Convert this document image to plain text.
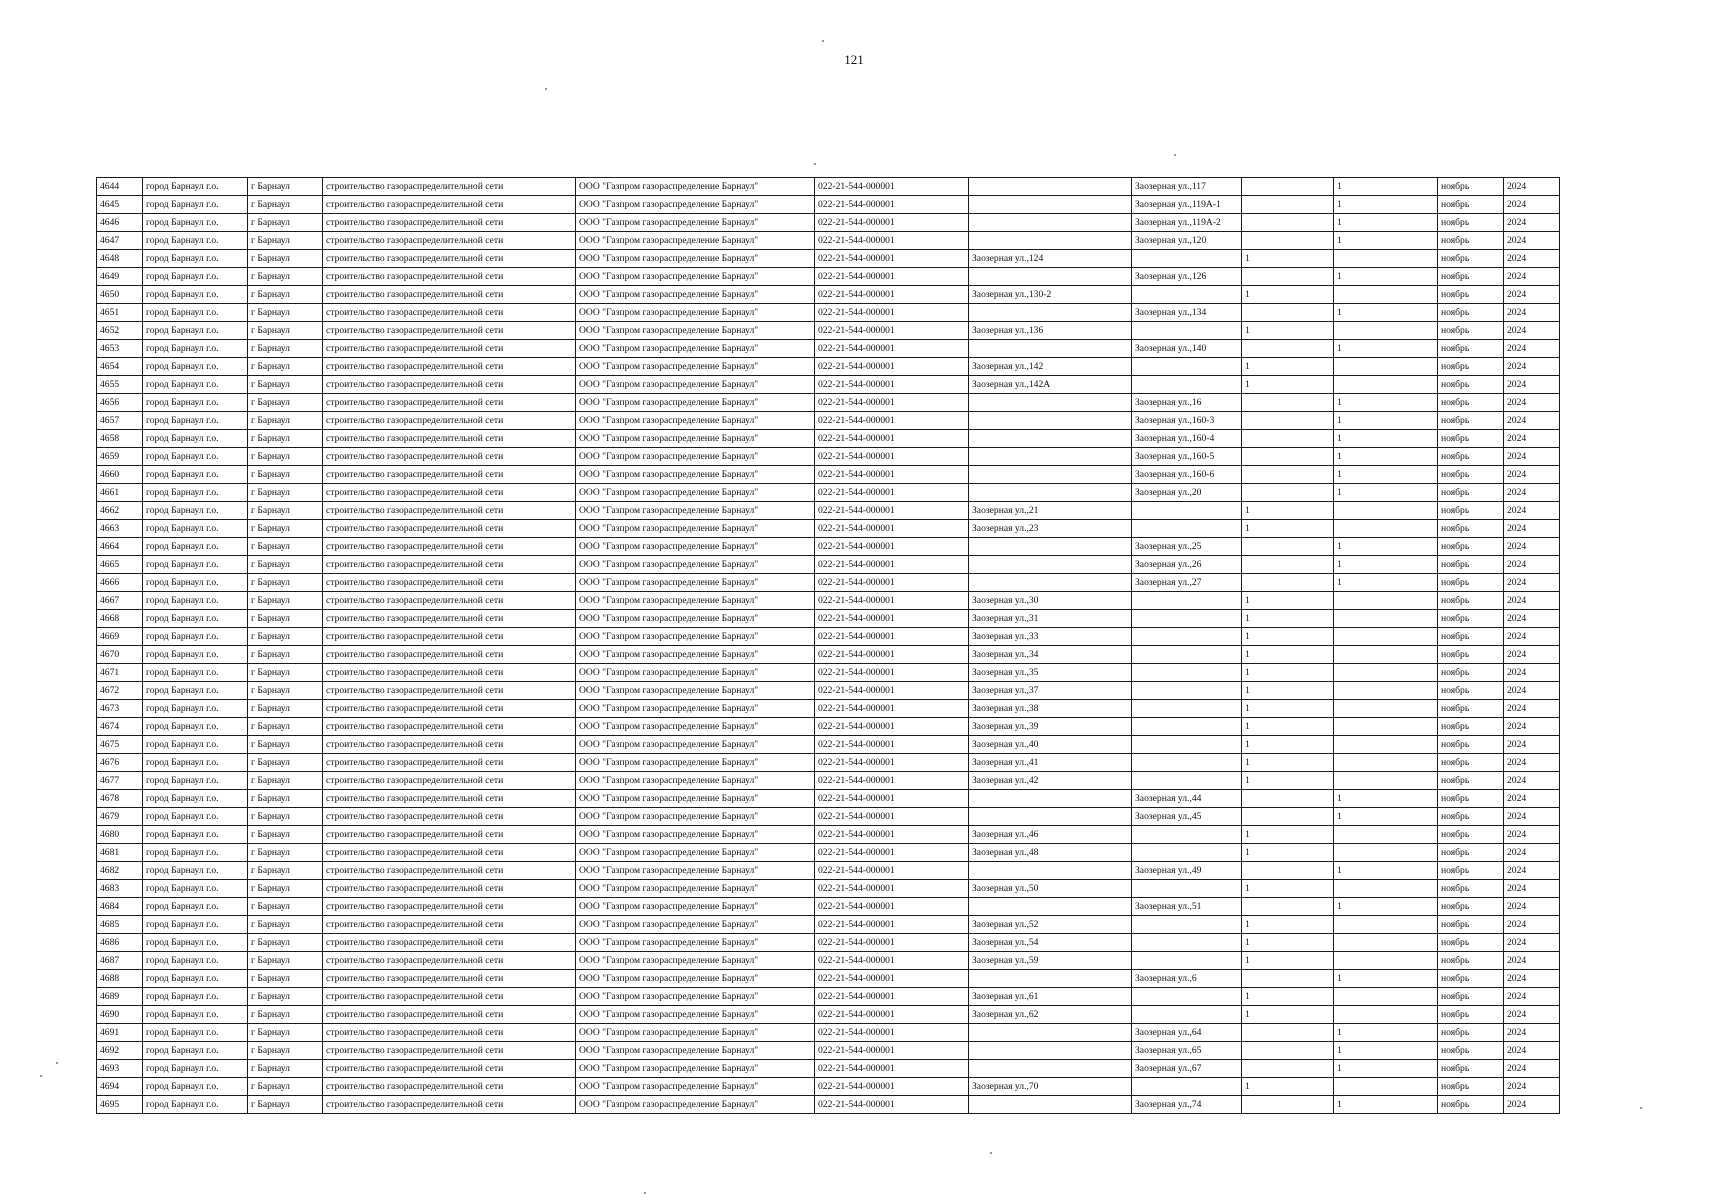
121
4644	город Барнаул г.о.	г Барнаул	строительство газораспределительной сети	ООО "Газпром газораспределение Барнаул"	022-21-544-000001		Заозерная ул.,117		1	ноябрь	2024
4645	город Барнаул г.о.	г Барнаул	строительство газораспределительной сети	ООО "Газпром газораспределение Барнаул"	022-21-544-000001		Заозерная ул.,119А-1		1	ноябрь	2024
4646	город Барнаул г.о.	г Барнаул	строительство газораспределительной сети	ООО "Газпром газораспределение Барнаул"	022-21-544-000001		Заозерная ул.,119А-2		1	ноябрь	2024
4647	город Барнаул г.о.	г Барнаул	строительство газораспределительной сети	ООО "Газпром газораспределение Барнаул"	022-21-544-000001		Заозерная ул.,120		1	ноябрь	2024
4648	город Барнаул г.о.	г Барнаул	строительство газораспределительной сети	ООО "Газпром газораспределение Барнаул"	022-21-544-000001	Заозерная ул.,124		1		ноябрь	2024
4649	город Барнаул г.о.	г Барнаул	строительство газораспределительной сети	ООО "Газпром газораспределение Барнаул"	022-21-544-000001		Заозерная ул.,126		1	ноябрь	2024
4650	город Барнаул г.о.	г Барнаул	строительство газораспределительной сети	ООО "Газпром газораспределение Барнаул"	022-21-544-000001	Заозерная ул.,130-2		1		ноябрь	2024
4651	город Барнаул г.о.	г Барнаул	строительство газораспределительной сети	ООО "Газпром газораспределение Барнаул"	022-21-544-000001		Заозерная ул.,134		1	ноябрь	2024
4652	город Барнаул г.о.	г Барнаул	строительство газораспределительной сети	ООО "Газпром газораспределение Барнаул"	022-21-544-000001	Заозерная ул.,136		1		ноябрь	2024
4653	город Барнаул г.о.	г Барнаул	строительство газораспределительной сети	ООО "Газпром газораспределение Барнаул"	022-21-544-000001		Заозерная ул.,140		1	ноябрь	2024
4654	город Барнаул г.о.	г Барнаул	строительство газораспределительной сети	ООО "Газпром газораспределение Барнаул"	022-21-544-000001	Заозерная ул.,142		1		ноябрь	2024
4655	город Барнаул г.о.	г Барнаул	строительство газораспределительной сети	ООО "Газпром газораспределение Барнаул"	022-21-544-000001	Заозерная ул.,142А		1		ноябрь	2024
4656	город Барнаул г.о.	г Барнаул	строительство газораспределительной сети	ООО "Газпром газораспределение Барнаул"	022-21-544-000001		Заозерная ул.,16		1	ноябрь	2024
4657	город Барнаул г.о.	г Барнаул	строительство газораспределительной сети	ООО "Газпром газораспределение Барнаул"	022-21-544-000001		Заозерная ул.,160-3		1	ноябрь	2024
4658	город Барнаул г.о.	г Барнаул	строительство газораспределительной сети	ООО "Газпром газораспределение Барнаул"	022-21-544-000001		Заозерная ул.,160-4		1	ноябрь	2024
4659	город Барнаул г.о.	г Барнаул	строительство газораспределительной сети	ООО "Газпром газораспределение Барнаул"	022-21-544-000001		Заозерная ул.,160-5		1	ноябрь	2024
4660	город Барнаул г.о.	г Барнаул	строительство газораспределительной сети	ООО "Газпром газораспределение Барнаул"	022-21-544-000001		Заозерная ул.,160-6		1	ноябрь	2024
4661	город Барнаул г.о.	г Барнаул	строительство газораспределительной сети	ООО "Газпром газораспределение Барнаул"	022-21-544-000001		Заозерная ул.,20		1	ноябрь	2024
4662	город Барнаул г.о.	г Барнаул	строительство газораспределительной сети	ООО "Газпром газораспределение Барнаул"	022-21-544-000001	Заозерная ул.,21		1		ноябрь	2024
4663	город Барнаул г.о.	г Барнаул	строительство газораспределительной сети	ООО "Газпром газораспределение Барнаул"	022-21-544-000001	Заозерная ул.,23		1		ноябрь	2024
4664	город Барнаул г.о.	г Барнаул	строительство газораспределительной сети	ООО "Газпром газораспределение Барнаул"	022-21-544-000001		Заозерная ул.,25		1	ноябрь	2024
4665	город Барнаул г.о.	г Барнаул	строительство газораспределительной сети	ООО "Газпром газораспределение Барнаул"	022-21-544-000001		Заозерная ул.,26		1	ноябрь	2024
4666	город Барнаул г.о.	г Барнаул	строительство газораспределительной сети	ООО "Газпром газораспределение Барнаул"	022-21-544-000001		Заозерная ул.,27		1	ноябрь	2024
4667	город Барнаул г.о.	г Барнаул	строительство газораспределительной сети	ООО "Газпром газораспределение Барнаул"	022-21-544-000001	Заозерная ул.,30		1		ноябрь	2024
4668	город Барнаул г.о.	г Барнаул	строительство газораспределительной сети	ООО "Газпром газораспределение Барнаул"	022-21-544-000001	Заозерная ул.,31		1		ноябрь	2024
4669	город Барнаул г.о.	г Барнаул	строительство газораспределительной сети	ООО "Газпром газораспределение Барнаул"	022-21-544-000001	Заозерная ул.,33		1		ноябрь	2024
4670	город Барнаул г.о.	г Барнаул	строительство газораспределительной сети	ООО "Газпром газораспределение Барнаул"	022-21-544-000001	Заозерная ул.,34		1		ноябрь	2024
4671	город Барнаул г.о.	г Барнаул	строительство газораспределительной сети	ООО "Газпром газораспределение Барнаул"	022-21-544-000001	Заозерная ул.,35		1		ноябрь	2024
4672	город Барнаул г.о.	г Барнаул	строительство газораспределительной сети	ООО "Газпром газораспределение Барнаул"	022-21-544-000001	Заозерная ул.,37		1		ноябрь	2024
4673	город Барнаул г.о.	г Барнаул	строительство газораспределительной сети	ООО "Газпром газораспределение Барнаул"	022-21-544-000001	Заозерная ул.,38		1		ноябрь	2024
4674	город Барнаул г.о.	г Барнаул	строительство газораспределительной сети	ООО "Газпром газораспределение Барнаул"	022-21-544-000001	Заозерная ул.,39		1		ноябрь	2024
4675	город Барнаул г.о.	г Барнаул	строительство газораспределительной сети	ООО "Газпром газораспределение Барнаул"	022-21-544-000001	Заозерная ул.,40		1		ноябрь	2024
4676	город Барнаул г.о.	г Барнаул	строительство газораспределительной сети	ООО "Газпром газораспределение Барнаул"	022-21-544-000001	Заозерная ул.,41		1		ноябрь	2024
4677	город Барнаул г.о.	г Барнаул	строительство газораспределительной сети	ООО "Газпром газораспределение Барнаул"	022-21-544-000001	Заозерная ул.,42		1		ноябрь	2024
4678	город Барнаул г.о.	г Барнаул	строительство газораспределительной сети	ООО "Газпром газораспределение Барнаул"	022-21-544-000001		Заозерная ул.,44		1	ноябрь	2024
4679	город Барнаул г.о.	г Барнаул	строительство газораспределительной сети	ООО "Газпром газораспределение Барнаул"	022-21-544-000001		Заозерная ул.,45		1	ноябрь	2024
4680	город Барнаул г.о.	г Барнаул	строительство газораспределительной сети	ООО "Газпром газораспределение Барнаул"	022-21-544-000001	Заозерная ул.,46		1		ноябрь	2024
4681	город Барнаул г.о.	г Барнаул	строительство газораспределительной сети	ООО "Газпром газораспределение Барнаул"	022-21-544-000001	Заозерная ул.,48		1		ноябрь	2024
4682	город Барнаул г.о.	г Барнаул	строительство газораспределительной сети	ООО "Газпром газораспределение Барнаул"	022-21-544-000001		Заозерная ул.,49		1	ноябрь	2024
4683	город Барнаул г.о.	г Барнаул	строительство газораспределительной сети	ООО "Газпром газораспределение Барнаул"	022-21-544-000001	Заозерная ул.,50		1		ноябрь	2024
4684	город Барнаул г.о.	г Барнаул	строительство газораспределительной сети	ООО "Газпром газораспределение Барнаул"	022-21-544-000001		Заозерная ул.,51		1	ноябрь	2024
4685	город Барнаул г.о.	г Барнаул	строительство газораспределительной сети	ООО "Газпром газораспределение Барнаул"	022-21-544-000001	Заозерная ул.,52		1		ноябрь	2024
4686	город Барнаул г.о.	г Барнаул	строительство газораспределительной сети	ООО "Газпром газораспределение Барнаул"	022-21-544-000001	Заозерная ул.,54		1		ноябрь	2024
4687	город Барнаул г.о.	г Барнаул	строительство газораспределительной сети	ООО "Газпром газораспределение Барнаул"	022-21-544-000001	Заозерная ул.,59		1		ноябрь	2024
4688	город Барнаул г.о.	г Барнаул	строительство газораспределительной сети	ООО "Газпром газораспределение Барнаул"	022-21-544-000001		Заозерная ул.,6		1	ноябрь	2024
4689	город Барнаул г.о.	г Барнаул	строительство газораспределительной сети	ООО "Газпром газораспределение Барнаул"	022-21-544-000001	Заозерная ул.,61		1		ноябрь	2024
4690	город Барнаул г.о.	г Барнаул	строительство газораспределительной сети	ООО "Газпром газораспределение Барнаул"	022-21-544-000001	Заозерная ул.,62		1		ноябрь	2024
4691	город Барнаул г.о.	г Барнаул	строительство газораспределительной сети	ООО "Газпром газораспределение Барнаул"	022-21-544-000001		Заозерная ул.,64		1	ноябрь	2024
4692	город Барнаул г.о.	г Барнаул	строительство газораспределительной сети	ООО "Газпром газораспределение Барнаул"	022-21-544-000001		Заозерная ул.,65		1	ноябрь	2024
4693	город Барнаул г.о.	г Барнаул	строительство газораспределительной сети	ООО "Газпром газораспределение Барнаул"	022-21-544-000001		Заозерная ул.,67		1	ноябрь	2024
4694	город Барнаул г.о.	г Барнаул	строительство газораспределительной сети	ООО "Газпром газораспределение Барнаул"	022-21-544-000001	Заозерная ул.,70		1		ноябрь	2024
4695	город Барнаул г.о.	г Барнаул	строительство газораспределительной сети	ООО "Газпром газораспределение Барнаул"	022-21-544-000001		Заозерная ул.,74		1	ноябрь	2024
